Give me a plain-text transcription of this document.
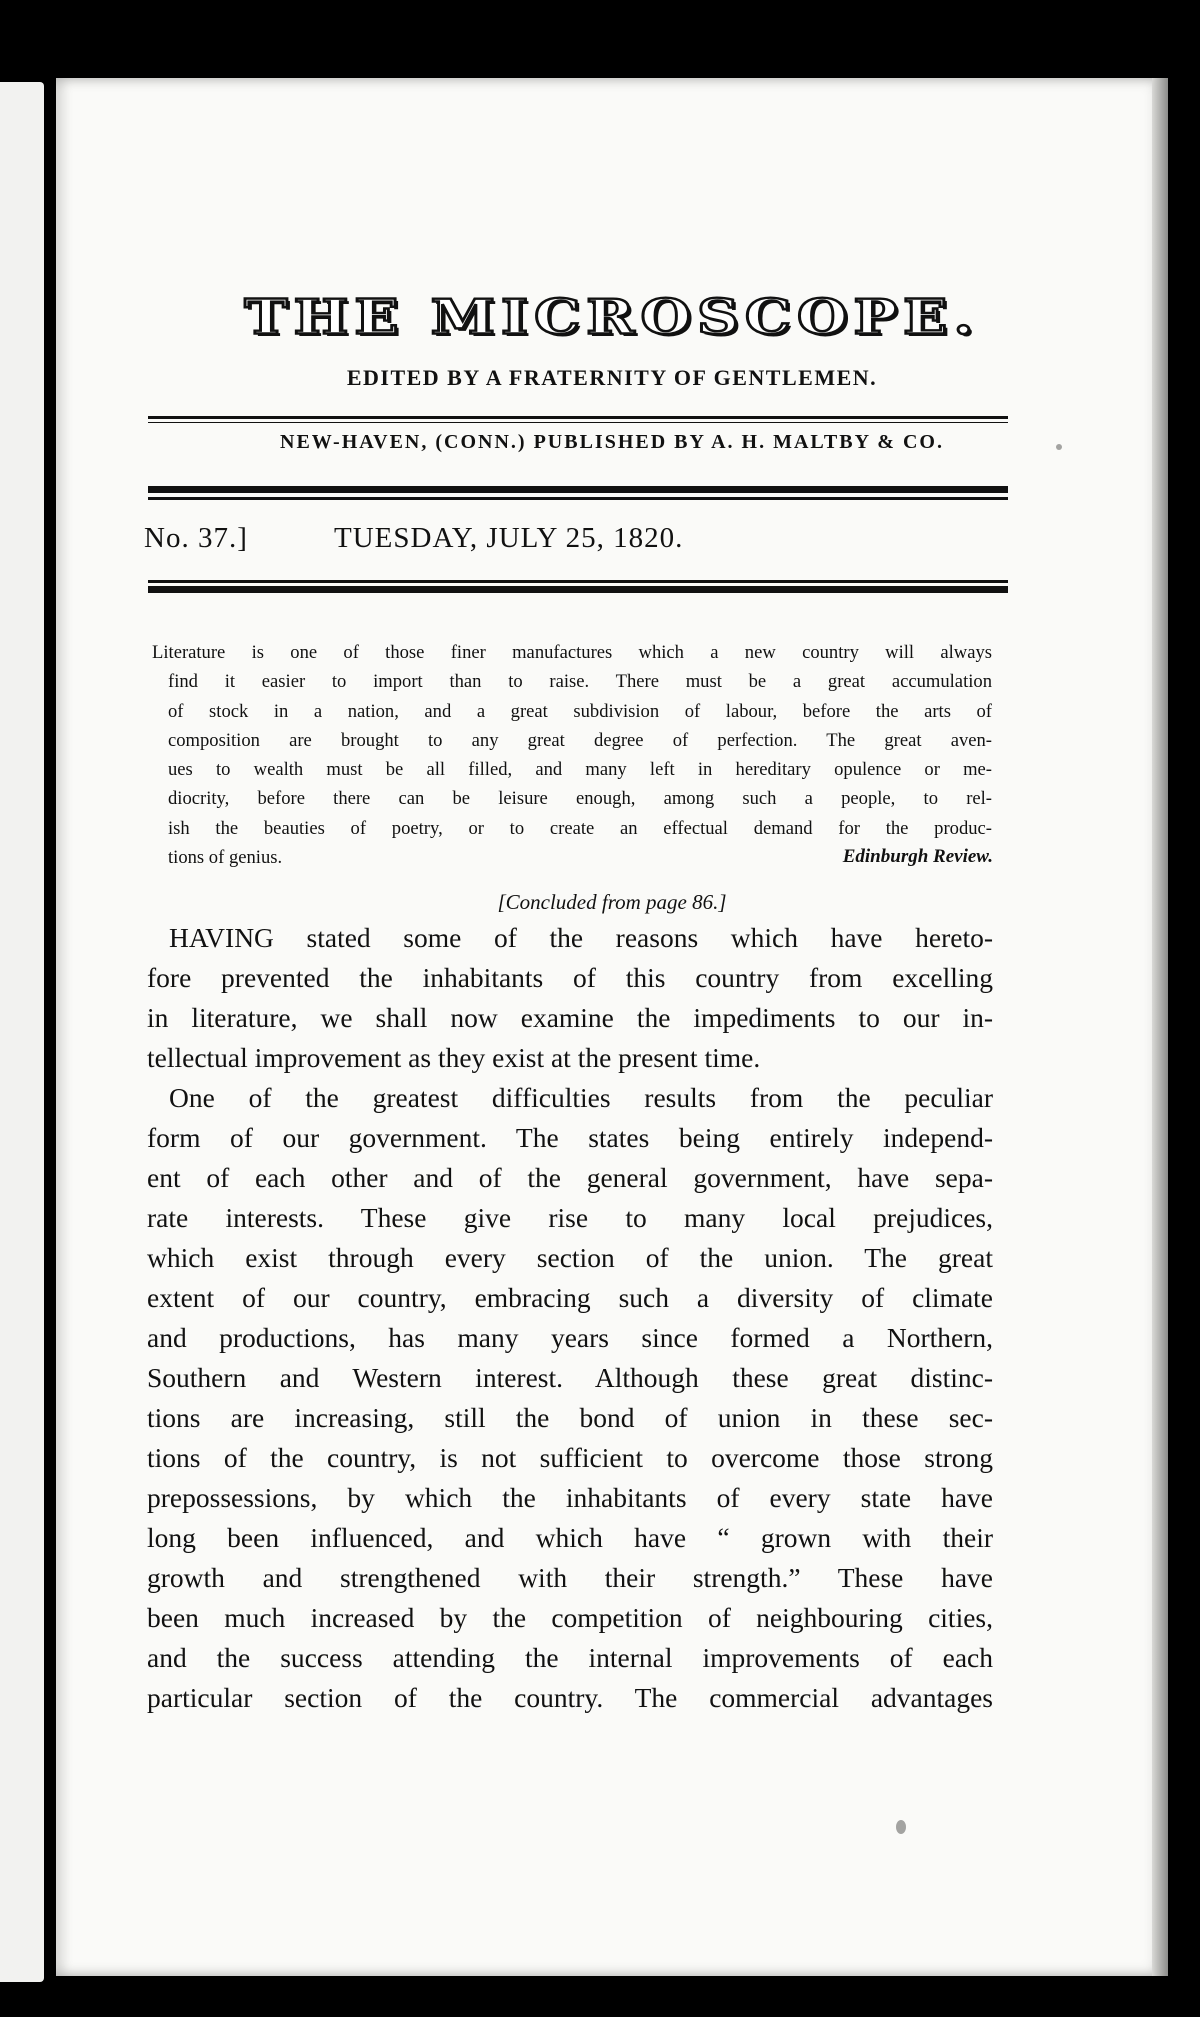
THE MICROSCOPE.
EDITED BY A FRATERNITY OF GENTLEMEN.
NEW-HAVEN, (CONN.) PUBLISHED BY A. H. MALTBY & CO.
No. 37.]	TUESDAY, JULY 25, 1820.
Literature is one of those finer manufactures which a new country will always
find it easier to import than to raise. There must be a great accumulation
of stock in a nation, and a great subdivision of labour, before the arts of
composition are brought to any great degree of perfection. The great aven-
ues to wealth must be all filled, and many left in hereditary opulence or me-
diocrity, before there can be leisure enough, among such a people, to rel-
ish the beauties of poetry, or to create an effectual demand for the produc-
tions of genius.	Edinburgh Review.
[Concluded from page 86.]
HAVING stated some of the reasons which have hereto-
fore prevented the inhabitants of this country from excelling
in literature, we shall now examine the impediments to our in-
tellectual improvement as they exist at the present time.
One of the greatest difficulties results from the peculiar
form of our government. The states being entirely independ-
ent of each other and of the general government, have sepa-
rate interests. These give rise to many local prejudices,
which exist through every section of the union. The great
extent of our country, embracing such a diversity of climate
and productions, has many years since formed a Northern,
Southern and Western interest. Although these great distinc-
tions are increasing, still the bond of union in these sec-
tions of the country, is not sufficient to overcome those strong
prepossessions, by which the inhabitants of every state have
long been influenced, and which have “ grown with their
growth and strengthened with their strength.” These have
been much increased by the competition of neighbouring cities,
and the success attending the internal improvements of each
particular section of the country. The commercial advantages
